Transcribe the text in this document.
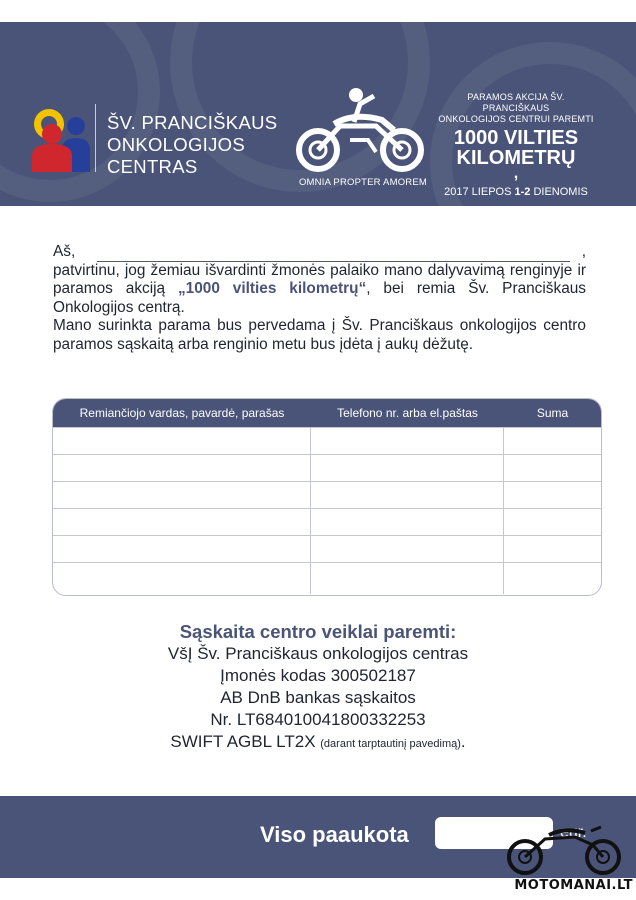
ŠV. PRANCIŠKAUS
ONKOLOGIJOS
CENTRAS
OMNIA PROPTER AMOREM
PARAMOS AKCIJA ŠV. PRANCIŠKAUS
ONKOLOGIJOS CENTRUI PAREMTI
1000 VILTIES
KILOMETRŲ
,
2017 LIEPOS 1-2 DIENOMIS
Aš,	,

patvirtinu, jog žemiau išvardinti žmonės palaiko mano dalyvavimą renginyje ir paramos akciją „1000 vilties kilometrų“, bei remia Šv. Pranciškaus Onkologijos centrą.

Mano surinkta parama bus pervedama į Šv. Pranciškaus onkologijos centro paramos sąskaitą arba renginio metu bus įdėta į aukų dėžutę.

Remiančiojo vardas, pavardė, parašas	Telefono nr. arba el.paštas	Suma
Sąskaita centro veiklai paremti:
VšĮ Šv. Pranciškaus onkologijos centras
Įmonės kodas 300502187
AB DnB bankas sąskaitos
Nr. LT684010041800332253
SWIFT AGBL LT2X (darant tarptautinį pavedimą).
Viso paaukota	eur.
MOTOMANAI.LT
